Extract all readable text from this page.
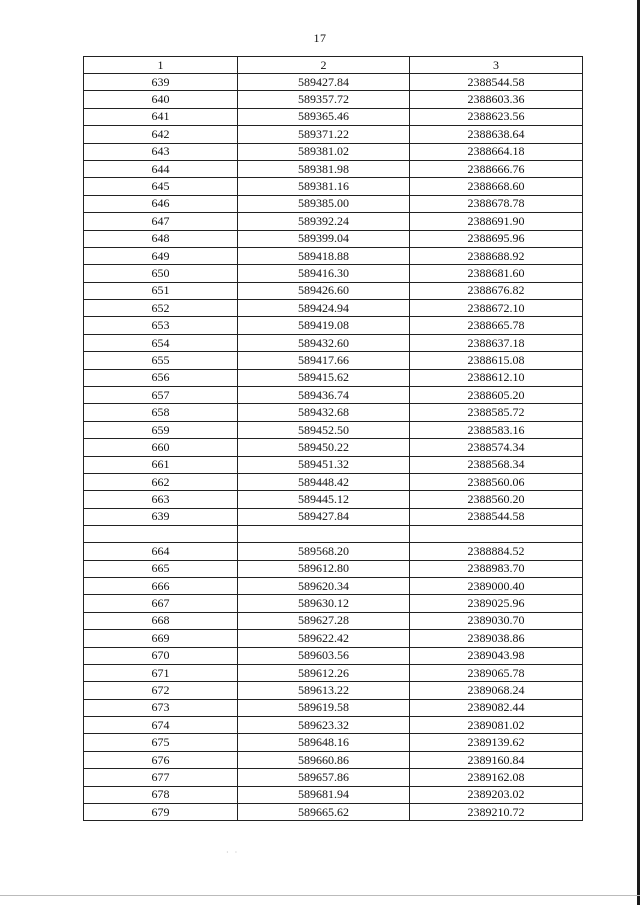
17
1	2	3
639	589427.84	2388544.58
640	589357.72	2388603.36
641	589365.46	2388623.56
642	589371.22	2388638.64
643	589381.02	2388664.18
644	589381.98	2388666.76
645	589381.16	2388668.60
646	589385.00	2388678.78
647	589392.24	2388691.90
648	589399.04	2388695.96
649	589418.88	2388688.92
650	589416.30	2388681.60
651	589426.60	2388676.82
652	589424.94	2388672.10
653	589419.08	2388665.78
654	589432.60	2388637.18
655	589417.66	2388615.08
656	589415.62	2388612.10
657	589436.74	2388605.20
658	589432.68	2388585.72
659	589452.50	2388583.16
660	589450.22	2388574.34
661	589451.32	2388568.34
662	589448.42	2388560.06
663	589445.12	2388560.20
639	589427.84	2388544.58

664	589568.20	2388884.52
665	589612.80	2388983.70
666	589620.34	2389000.40
667	589630.12	2389025.96
668	589627.28	2389030.70
669	589622.42	2389038.86
670	589603.56	2389043.98
671	589612.26	2389065.78
672	589613.22	2389068.24
673	589619.58	2389082.44
674	589623.32	2389081.02
675	589648.16	2389139.62
676	589660.86	2389160.84
677	589657.86	2389162.08
678	589681.94	2389203.02
679	589665.62	2389210.72
· ·
